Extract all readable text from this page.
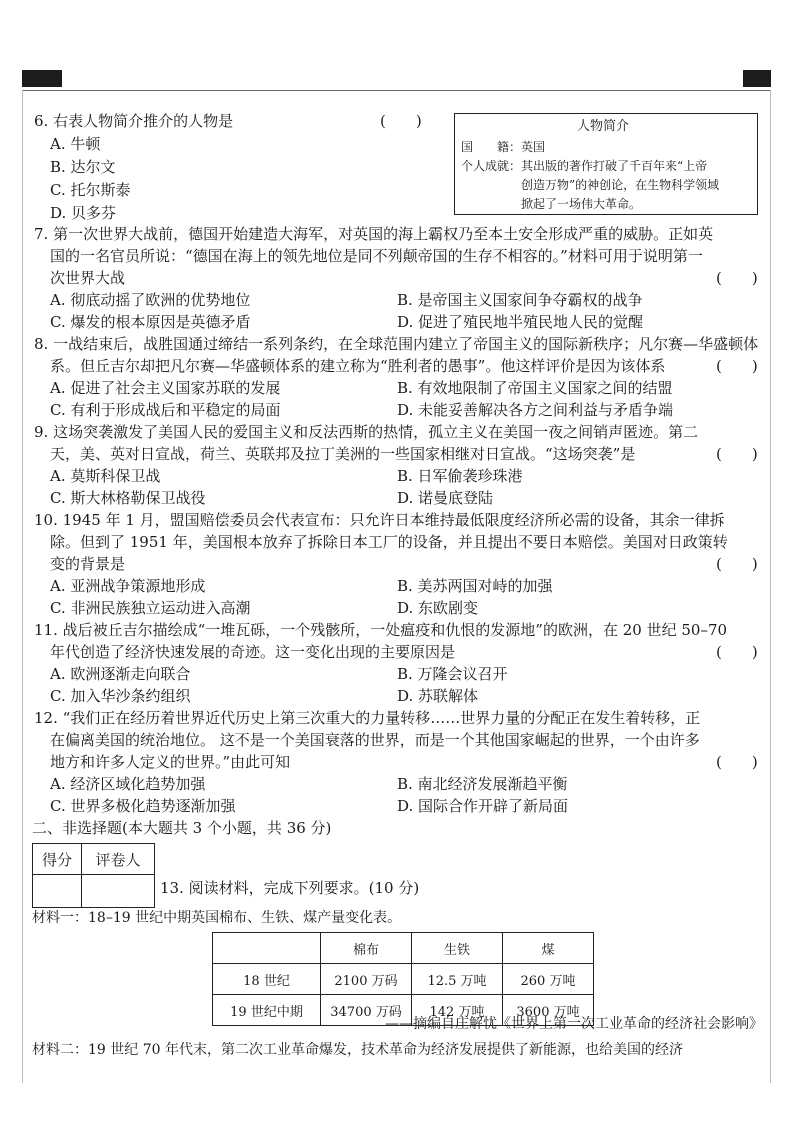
6. 右表人物简介推介的人物是	(　　)
A. 牛顿
B. 达尔文
C. 托尔斯泰
D. 贝多芬
人物简介
国　　籍：英国
个人成就：其出版的著作打破了千百年来“上帝
创造万物”的神创论，在生物科学领域
掀起了一场伟大革命。
7. 第一次世界大战前，德国开始建造大海军，对英国的海上霸权乃至本土安全形成严重的威胁。正如英
国的一名官员所说：“德国在海上的领先地位是同不列颠帝国的生存不相容的。”材料可用于说明第一
次世界大战	(　　)
A. 彻底动摇了欧洲的优势地位	B. 是帝国主义国家间争夺霸权的战争
C. 爆发的根本原因是英德矛盾	D. 促进了殖民地半殖民地人民的觉醒
8. 一战结束后，战胜国通过缔结一系列条约，在全球范围内建立了帝国主义的国际新秩序；凡尔赛—华盛顿体
系。但丘吉尔却把凡尔赛—华盛顿体系的建立称为“胜利者的愚事”。他这样评价是因为该体系	(　　)
A. 促进了社会主义国家苏联的发展	B. 有效地限制了帝国主义国家之间的结盟
C. 有利于形成战后和平稳定的局面	D. 未能妥善解决各方之间利益与矛盾争端
9. 这场突袭激发了美国人民的爱国主义和反法西斯的热情，孤立主义在美国一夜之间销声匿迹。第二
天，美、英对日宣战，荷兰、英联邦及拉丁美洲的一些国家相继对日宣战。“这场突袭”是	(　　)
A. 莫斯科保卫战	B. 日军偷袭珍珠港
C. 斯大林格勒保卫战役	D. 诺曼底登陆
10. 1945 年 1 月，盟国赔偿委员会代表宣布：只允许日本维持最低限度经济所必需的设备，其余一律拆
除。但到了 1951 年，美国根本放弃了拆除日本工厂的设备，并且提出不要日本赔偿。美国对日政策转
变的背景是	(　　)
A. 亚洲战争策源地形成	B. 美苏两国对峙的加强
C. 非洲民族独立运动进入高潮	D. 东欧剧变
11. 战后被丘吉尔描绘成“一堆瓦砾，一个残骸所，一处瘟疫和仇恨的发源地”的欧洲，在 20 世纪 50–70
年代创造了经济快速发展的奇迹。这一变化出现的主要原因是	(　　)
A. 欧洲逐渐走向联合	B. 万隆会议召开
C. 加入华沙条约组织	D. 苏联解体
12. “我们正在经历着世界近代历史上第三次重大的力量转移……世界力量的分配正在发生着转移，正
在偏离美国的统治地位。 这不是一个美国衰落的世界，而是一个其他国家崛起的世界，一个由许多
地方和许多人定义的世界。”由此可知	(　　)
A. 经济区域化趋势加强	B. 南北经济发展渐趋平衡
C. 世界多极化趋势逐渐加强	D. 国际合作开辟了新局面
二、非选择题(本大题共 3 个小题，共 36 分)
得分	评卷人

13. 阅读材料，完成下列要求。(10 分)
材料一：18–19 世纪中期英国棉布、生铁、煤产量变化表。
	棉布	生铁	煤
18 世纪	2100 万码	12.5 万吨	260 万吨
19 世纪中期	34700 万码	142 万吨	3600 万吨
——摘编自庄解忧《世界上第一次工业革命的经济社会影响》
材料二：19 世纪 70 年代末，第二次工业革命爆发，技术革命为经济发展提供了新能源，也给美国的经济
